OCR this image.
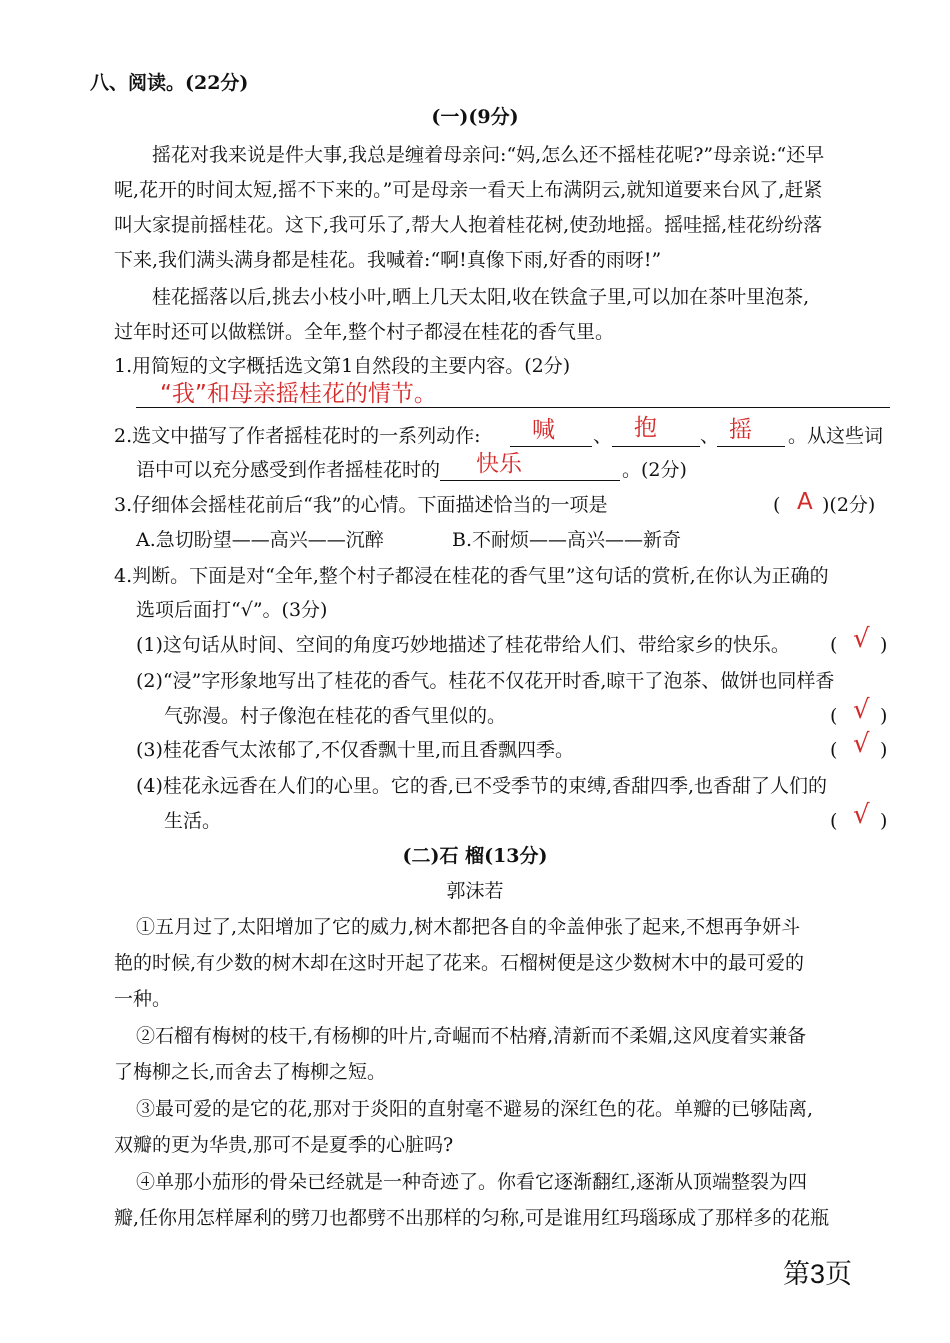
八、阅读。(22分)
(一)(9分)
摇花对我来说是件大事,我总是缠着母亲问:“妈,怎么还不摇桂花呢?”母亲说:“还早
呢,花开的时间太短,摇不下来的。”可是母亲一看天上布满阴云,就知道要来台风了,赶紧
叫大家提前摇桂花。这下,我可乐了,帮大人抱着桂花树,使劲地摇。摇哇摇,桂花纷纷落
下来,我们满头满身都是桂花。我喊着:“啊!真像下雨,好香的雨呀!”
桂花摇落以后,挑去小枝小叶,晒上几天太阳,收在铁盒子里,可以加在茶叶里泡茶,
过年时还可以做糕饼。全年,整个村子都浸在桂花的香气里。
1.用简短的文字概括选文第1自然段的主要内容。(2分)
“我”和母亲摇桂花的情节。
2.选文中描写了作者摇桂花时的一系列动作: 喊 、 抱 、 摇 。从这些词
语中可以充分感受到作者摇桂花时的 快乐	。(2分)
3.仔细体会摇桂花前后“我”的心情。下面描述恰当的一项是	( A )(2分)
A.急切盼望——高兴——沉醉	B.不耐烦——高兴——新奇
4.判断。下面是对“全年,整个村子都浸在桂花的香气里”这句话的赏析,在你认为正确的
选项后面打“√”。(3分)
(1)这句话从时间、空间的角度巧妙地描述了桂花带给人们、带给家乡的快乐。 ( √ )
(2)“浸”字形象地写出了桂花的香气。桂花不仅花开时香,晾干了泡茶、做饼也同样香
气弥漫。村子像泡在桂花的香气里似的。	( √ )
(3)桂花香气太浓郁了,不仅香飘十里,而且香飘四季。	( √ )
(4)桂花永远香在人们的心里。它的香,已不受季节的束缚,香甜四季,也香甜了人们的
生活。	( √ )
(二)石 榴(13分)
郭沫若
①五月过了,太阳增加了它的威力,树木都把各自的伞盖伸张了起来,不想再争妍斗
艳的时候,有少数的树木却在这时开起了花来。石榴树便是这少数树木中的最可爱的
一种。
②石榴有梅树的枝干,有杨柳的叶片,奇崛而不枯瘠,清新而不柔媚,这风度着实兼备
了梅柳之长,而舍去了梅柳之短。
③最可爱的是它的花,那对于炎阳的直射毫不避易的深红色的花。单瓣的已够陆离,
双瓣的更为华贵,那可不是夏季的心脏吗?
④单那小茄形的骨朵已经就是一种奇迹了。你看它逐渐翻红,逐渐从顶端整裂为四
瓣,任你用怎样犀利的劈刀也都劈不出那样的匀称,可是谁用红玛瑙琢成了那样多的花瓶
第3页
